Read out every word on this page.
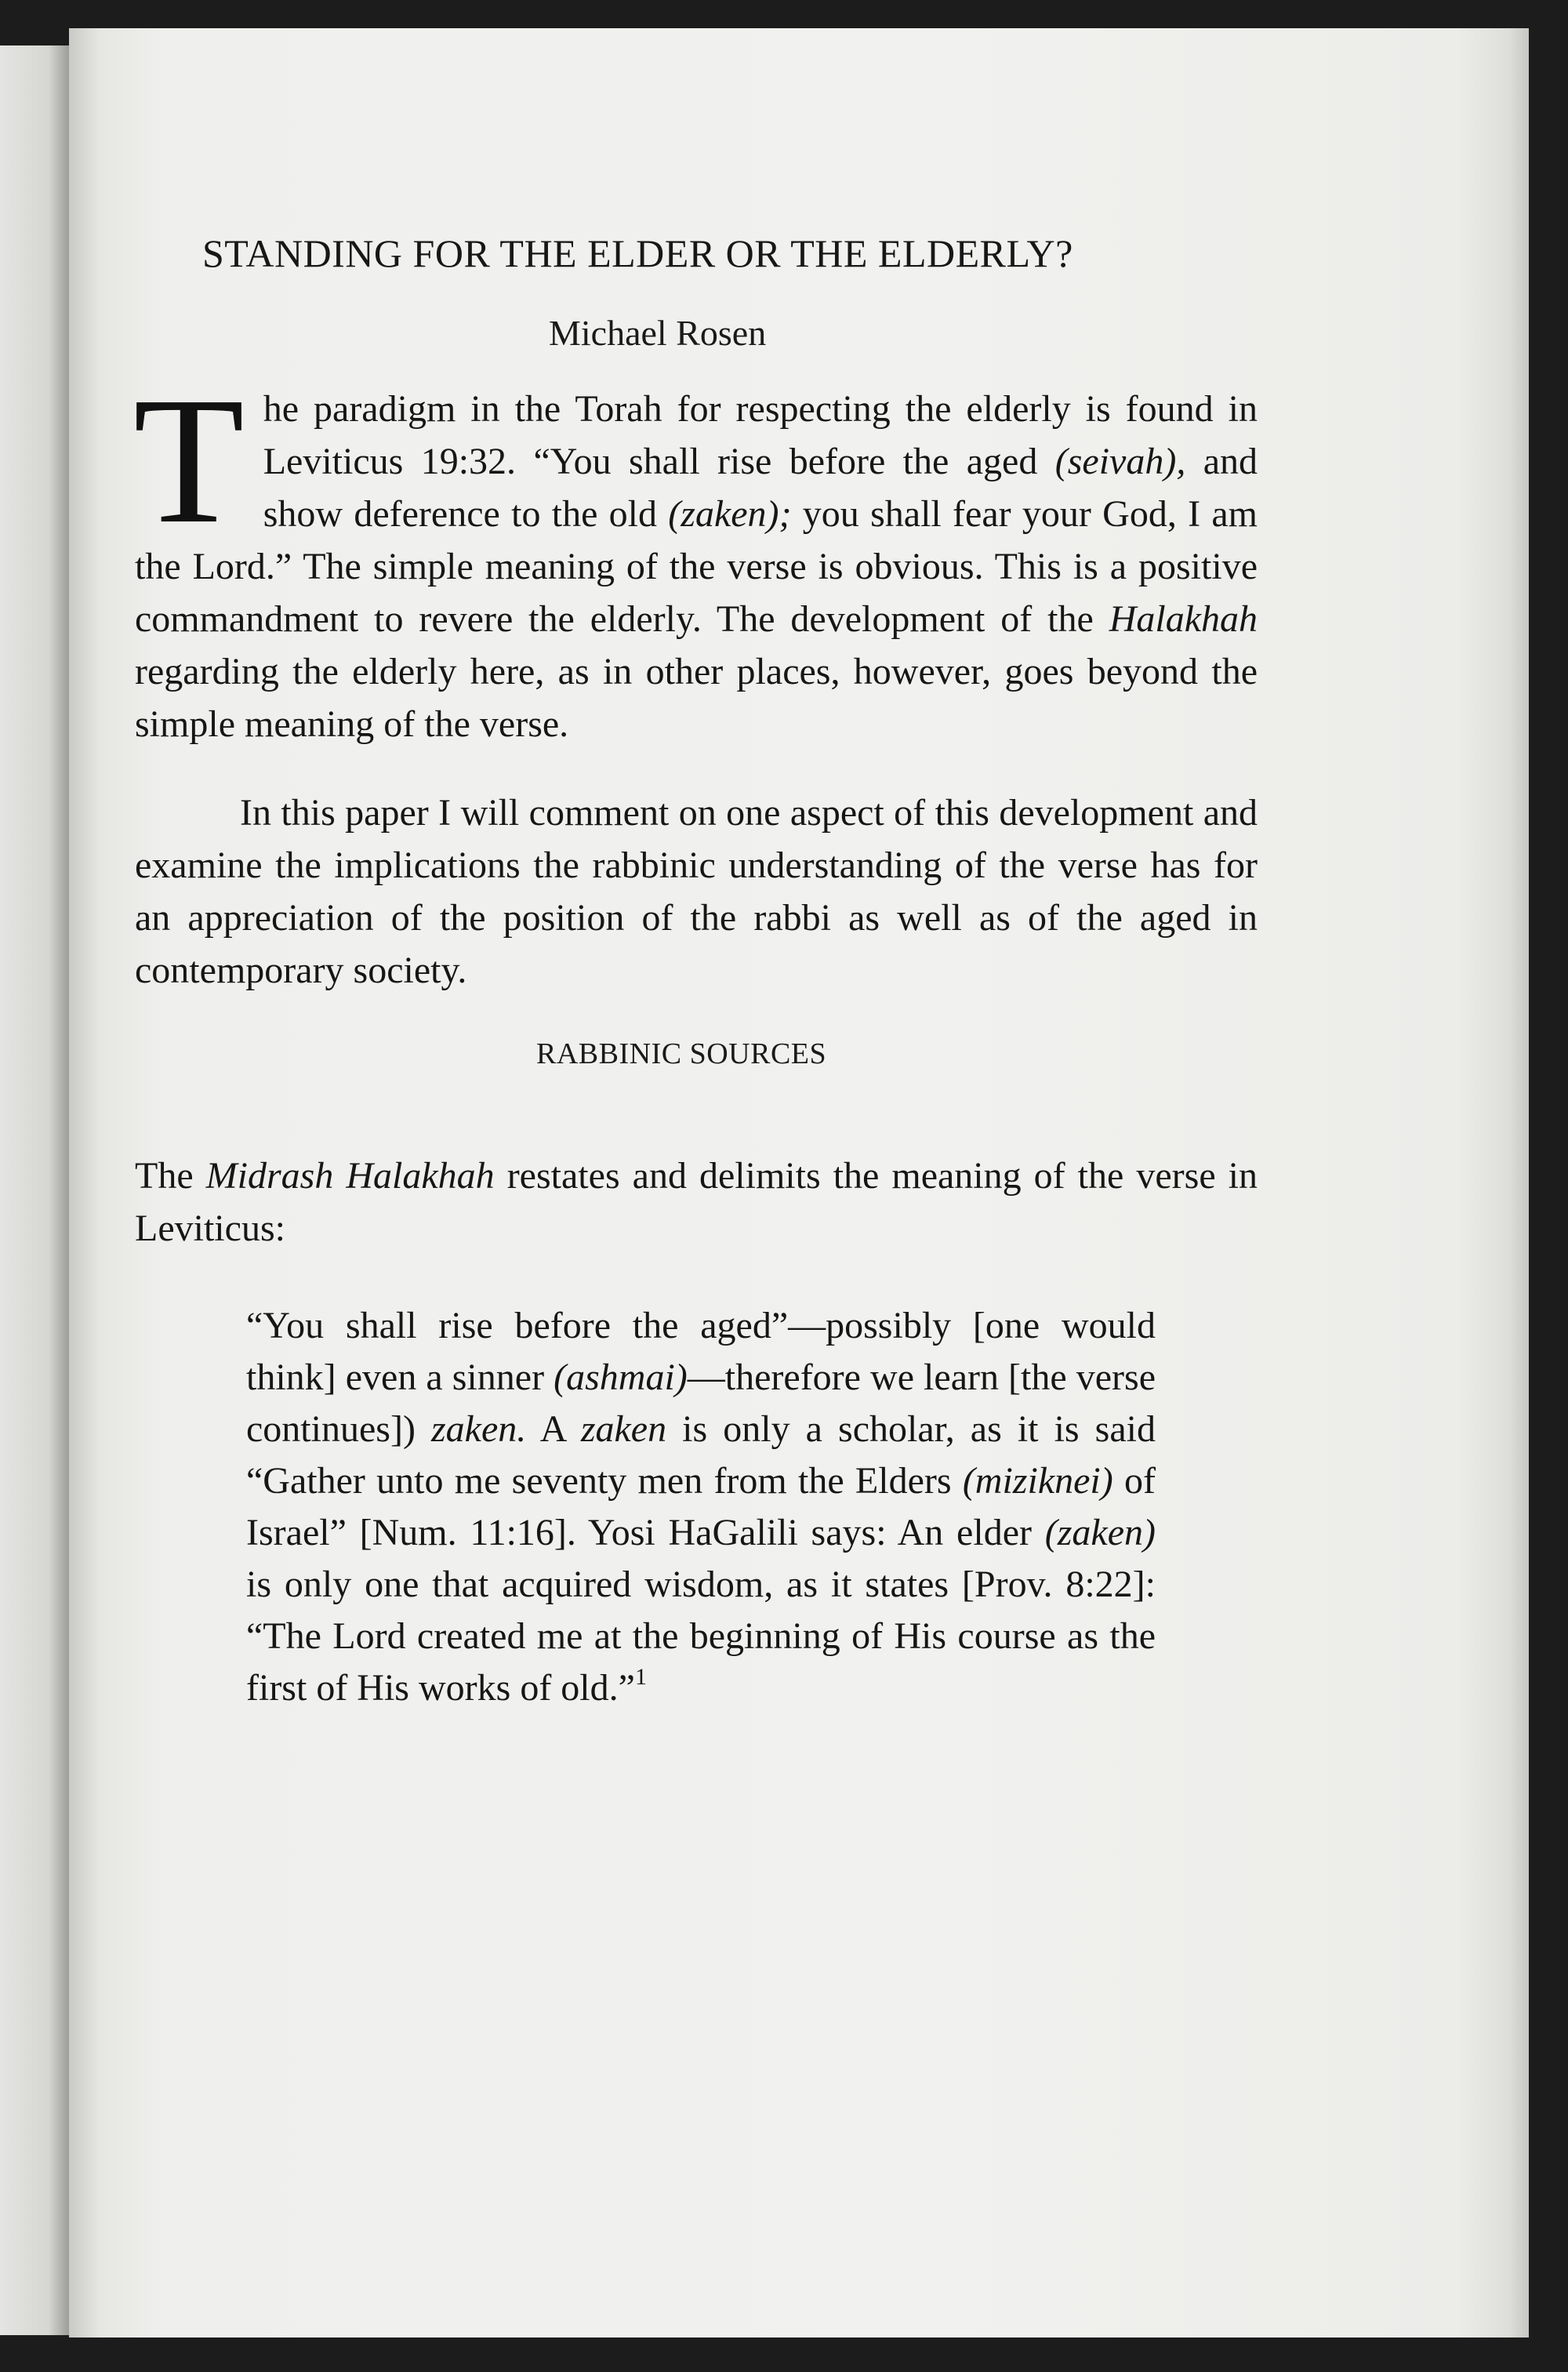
STANDING FOR THE ELDER OR THE ELDERLY?
Michael Rosen

The paradigm in the Torah for respecting the elderly is found in Leviticus 19:32. “You shall rise before the aged (seivah), and show deference to the old (zaken); you shall fear your God, I am the Lord.” The simple meaning of the verse is obvious. This is a positive commandment to revere the elderly. The development of the Halakhah regarding the elderly here, as in other places, however, goes beyond the simple meaning of the verse.

In this paper I will comment on one aspect of this development and examine the implications the rabbinic understanding of the verse has for an appreciation of the position of the rabbi as well as of the aged in contemporary society.

RABBINIC SOURCES

The Midrash Halakhah restates and delimits the meaning of the verse in Leviticus:

“You shall rise before the aged”—possibly [one would think] even a sinner (ashmai)—therefore we learn [the verse continues]) zaken. A zaken is only a scholar, as it is said “Gather unto me seventy men from the Elders (miziknei) of Israel” [Num. 11:16]. Yosi HaGalili says: An elder (zaken) is only one that acquired wisdom, as it states [Prov. 8:22]: “The Lord created me at the beginning of His course as the first of His works of old.”$^1$
